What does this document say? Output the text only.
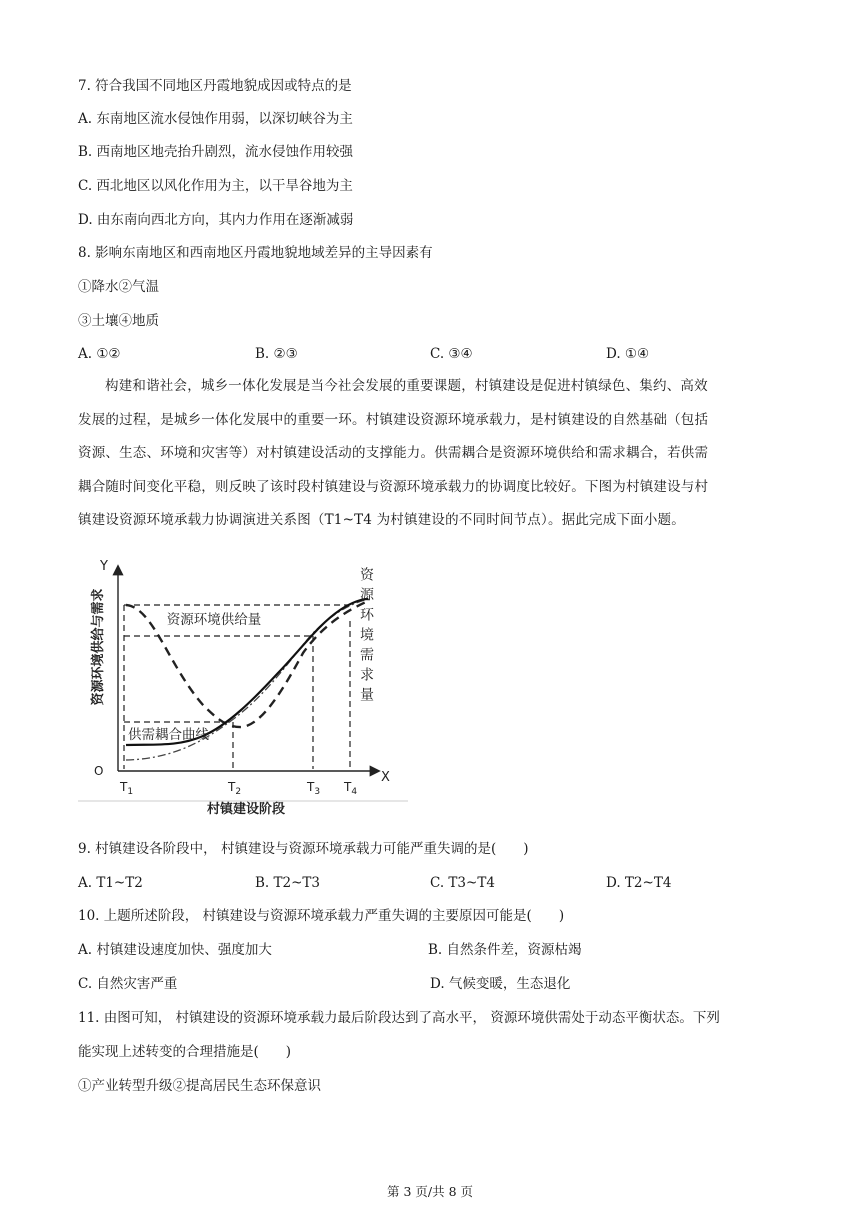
7. 符合我国不同地区丹霞地貌成因或特点的是
A. 东南地区流水侵蚀作用弱，以深切峡谷为主
B. 西南地区地壳抬升剧烈，流水侵蚀作用较强
C. 西北地区以风化作用为主，以干旱谷地为主
D. 由东南向西北方向，其内力作用在逐渐减弱
8. 影响东南地区和西南地区丹霞地貌地域差异的主导因素有
①降水②气温
③土壤④地质
A. ①②	B. ②③	C. ③④	D. ①④
构建和谐社会，城乡一体化发展是当今社会发展的重要课题，村镇建设是促进村镇绿色、集约、高效
发展的过程，是城乡一体化发展中的重要一环。村镇建设资源环境承载力，是村镇建设的自然基础（包括
资源、生态、环境和灾害等）对村镇建设活动的支撑能力。供需耦合是资源环境供给和需求耦合，若供需
耦合随时间变化平稳，则反映了该时段村镇建设与资源环境承载力的协调度比较好。下图为村镇建设与村
镇建设资源环境承载力协调演进关系图（T1~T4 为村镇建设的不同时间节点）。据此完成下面小题。
Y
X
O
资源环境供给与需求	资源环境供给量
供需耦合曲线
资源环境需求量
$T_1$	$T_2$	$T_3$ $T_4$
村镇建设阶段
9. 村镇建设各阶段中， 村镇建设与资源环境承载力可能严重失调的是(　　)
A. T1~T2	B. T2~T3	C. T3~T4	D. T2~T4
10. 上题所述阶段， 村镇建设与资源环境承载力严重失调的主要原因可能是(　　)
A. 村镇建设速度加快、强度加大	B. 自然条件差，资源枯竭
C. 自然灾害严重	D. 气候变暖，生态退化
11. 由图可知， 村镇建设的资源环境承载力最后阶段达到了高水平， 资源环境供需处于动态平衡状态。下列
能实现上述转变的合理措施是(　　)
①产业转型升级②提高居民生态环保意识
第 3 页/共 8 页
